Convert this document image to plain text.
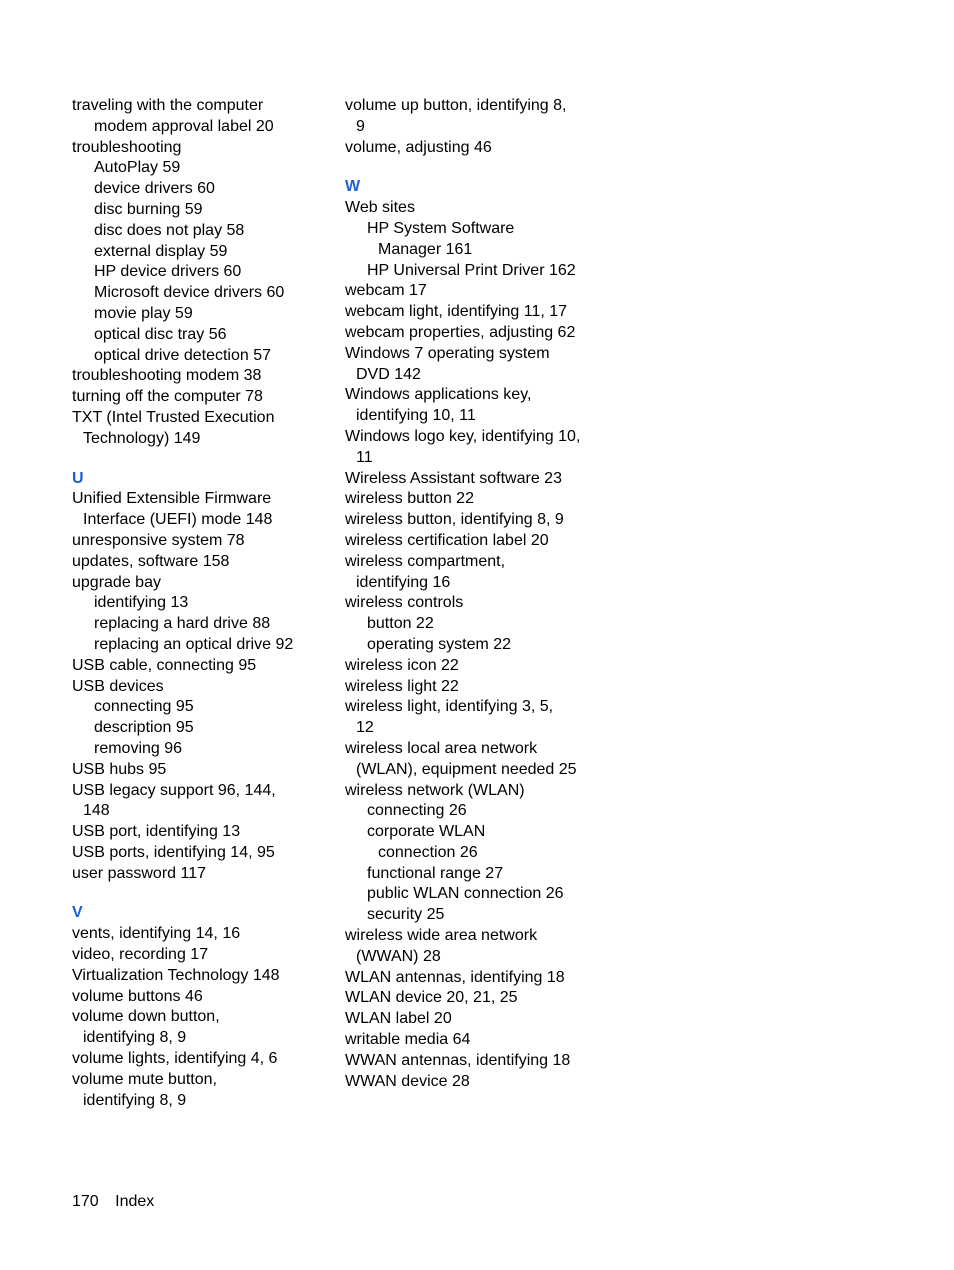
traveling with the computer
modem approval label 20
troubleshooting
AutoPlay 59
device drivers 60
disc burning 59
disc does not play 58
external display 59
HP device drivers 60
Microsoft device drivers 60
movie play 59
optical disc tray 56
optical drive detection 57
troubleshooting modem 38
turning off the computer 78
TXT (Intel Trusted Execution
Technology) 149
U
Unified Extensible Firmware
Interface (UEFI) mode 148
unresponsive system 78
updates, software 158
upgrade bay
identifying 13
replacing a hard drive 88
replacing an optical drive 92
USB cable, connecting 95
USB devices
connecting 95
description 95
removing 96
USB hubs 95
USB legacy support 96, 144,
148
USB port, identifying 13
USB ports, identifying 14, 95
user password 117
V
vents, identifying 14, 16
video, recording 17
Virtualization Technology 148
volume buttons 46
volume down button,
identifying 8, 9
volume lights, identifying 4, 6
volume mute button,
identifying 8, 9
volume up button, identifying 8,
9
volume, adjusting 46
W
Web sites
HP System Software
Manager 161
HP Universal Print Driver 162
webcam 17
webcam light, identifying 11, 17
webcam properties, adjusting 62
Windows 7 operating system
DVD 142
Windows applications key,
identifying 10, 11
Windows logo key, identifying 10,
11
Wireless Assistant software 23
wireless button 22
wireless button, identifying 8, 9
wireless certification label 20
wireless compartment,
identifying 16
wireless controls
button 22
operating system 22
wireless icon 22
wireless light 22
wireless light, identifying 3, 5,
12
wireless local area network
(WLAN), equipment needed 25
wireless network (WLAN)
connecting 26
corporate WLAN
connection 26
functional range 27
public WLAN connection 26
security 25
wireless wide area network
(WWAN) 28
WLAN antennas, identifying 18
WLAN device 20, 21, 25
WLAN label 20
writable media 64
WWAN antennas, identifying 18
WWAN device 28
170 Index
